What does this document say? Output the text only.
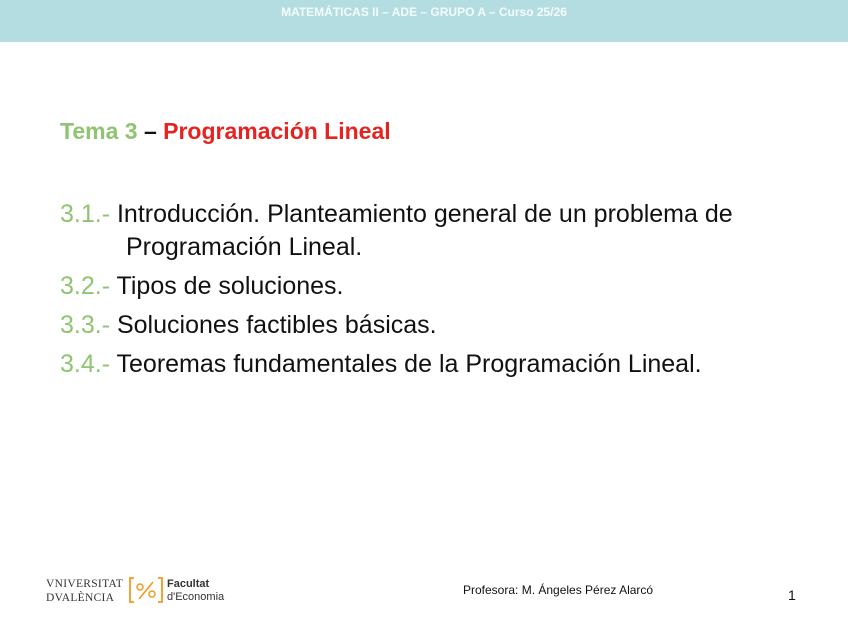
MATEMÁTICAS II – ADE – GRUPO A – Curso 25/26
Tema 3 – Programación Lineal
3.1.- Introducción. Planteamiento general de un problema de
Programación Lineal.
3.2.- Tipos de soluciones.
3.3.- Soluciones factibles básicas.
3.4.- Teoremas fundamentales de la Programación Lineal.
VNIVERSITAT
DVALÈNCIA
Facultat
d'Economia	Profesora: M. Ángeles Pérez Alarcó	1
